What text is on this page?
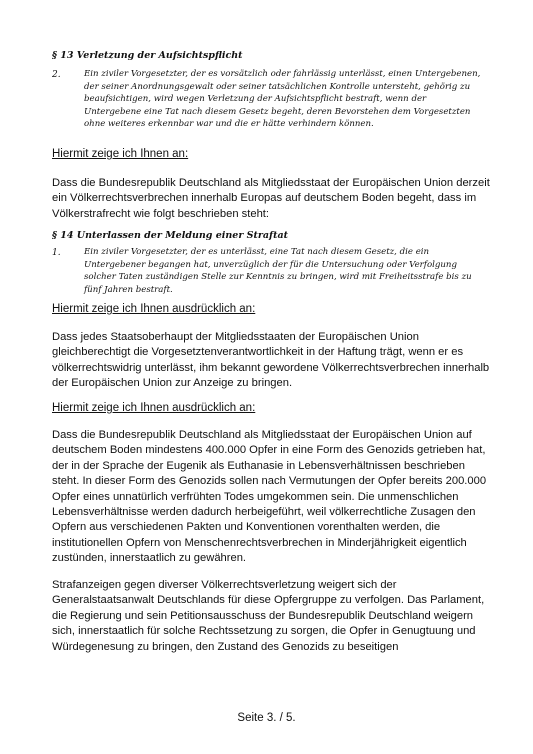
§ 13 Verletzung der Aufsichtspflicht
2.	Ein ziviler Vorgesetzter, der es vorsätzlich oder fahrlässig unterlässt, einen Untergebenen, der seiner Anordnungsgewalt oder seiner tatsächlichen Kontrolle untersteht, gehörig zu beaufsichtigen, wird wegen Verletzung der Aufsichtspflicht bestraft, wenn der Untergebene eine Tat nach diesem Gesetz begeht, deren Bevorstehen dem Vorgesetzten ohne weiteres erkennbar war und die er hätte verhindern können.
Hiermit zeige ich Ihnen an:
Dass die Bundesrepublik Deutschland als Mitgliedsstaat der Europäischen Union derzeit ein Völkerrechtsverbrechen innerhalb Europas auf deutschem Boden begeht, dass im Völkerstrafrecht wie folgt beschrieben steht:
§ 14 Unterlassen der Meldung einer Straftat
1.	Ein ziviler Vorgesetzter, der es unterlässt, eine Tat nach diesem Gesetz, die ein Untergebener begangen hat, unverzüglich der für die Untersuchung oder Verfolgung solcher Taten zuständigen Stelle zur Kenntnis zu bringen, wird mit Freiheitsstrafe bis zu fünf Jahren bestraft.
Hiermit zeige ich Ihnen ausdrücklich an:
Dass jedes Staatsoberhaupt der Mitgliedsstaaten der Europäischen Union gleichberechtigt die Vorgesetztenverantwortlichkeit in der Haftung trägt, wenn er es völkerrechtswidrig unterlässt, ihm bekannt gewordene Völkerrechtsverbrechen innerhalb der Europäischen Union zur Anzeige zu bringen.
Hiermit zeige ich Ihnen ausdrücklich an:
Dass die Bundesrepublik Deutschland als Mitgliedsstaat der Europäischen Union auf deutschem Boden mindestens 400.000 Opfer in eine Form des Genozids getrieben hat, der in der Sprache der Eugenik als Euthanasie in Lebensverhältnissen beschrieben steht. In dieser Form des Genozids sollen nach Vermutungen der Opfer bereits 200.000 Opfer eines unnatürlich verfrühten Todes umgekommen sein. Die unmenschlichen Lebensverhältnisse werden dadurch herbeigeführt, weil völkerrechtliche Zusagen den Opfern aus verschiedenen Pakten und Konventionen vorenthalten werden, die institutionellen Opfern von Menschenrechtsverbrechen in Minderjährigkeit eigentlich zustünden, innerstaatlich zu gewähren.
Strafanzeigen gegen diverser Völkerrechtsverletzung weigert sich der Generalstaatsanwalt Deutschlands für diese Opfergruppe zu verfolgen. Das Parlament, die Regierung und sein Petitionsausschuss der Bundesrepublik Deutschland weigern sich, innerstaatlich für solche Rechtssetzung zu sorgen, die Opfer in Genugtuung und Würdegenesung zu bringen, den Zustand des Genozids zu beseitigen
Seite 3. / 5.
